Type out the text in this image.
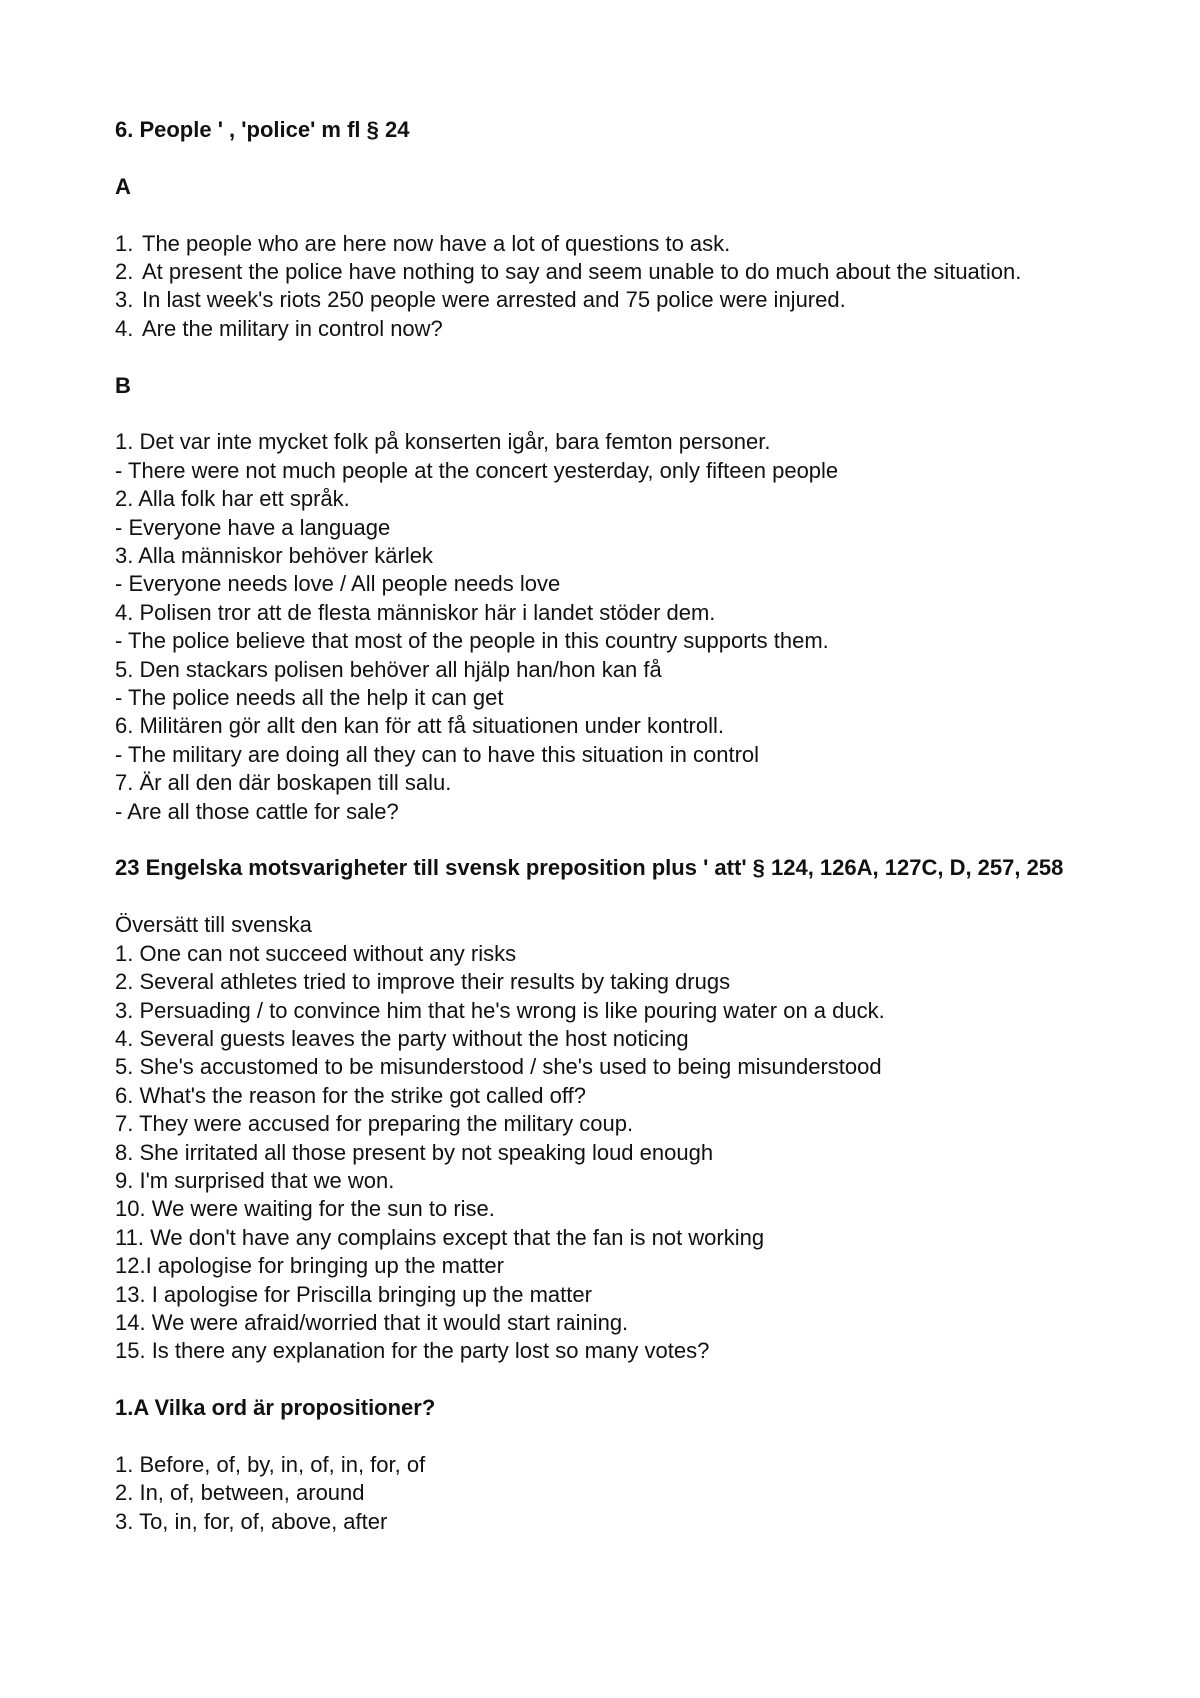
6. People ' , 'police' m fl § 24

A

1. The people who are here now have a lot of questions to ask.
2. At present the police have nothing to say and seem unable to do much about the situation.
3. In last week's riots 250 people were arrested and 75 police were injured.
4. Are the military in control now?

B

1. Det var inte mycket folk på konserten igår, bara femton personer.

- There were not much people at the concert yesterday, only fifteen people

2. Alla folk har ett språk.

- Everyone have a language

3. Alla människor behöver kärlek

- Everyone needs love / All people needs love

4. Polisen tror att de flesta människor här i landet stöder dem.

- The police believe that most of the people in this country supports them.

5. Den stackars polisen behöver all hjälp han/hon kan få

- The police needs all the help it can get

6. Militären gör allt den kan för att få situationen under kontroll.

- The military are doing all they can to have this situation in control

7. Är all den där boskapen till salu.

- Are all those cattle for sale?

23 Engelska motsvarigheter till svensk preposition plus ' att' § 124, 126A, 127C, D, 257, 258

Översätt till svenska

1. One can not succeed without any risks

2. Several athletes tried to improve their results by taking drugs

3. Persuading / to convince him that he's wrong is like pouring water on a duck.

4. Several guests leaves the party without the host noticing

5. She's accustomed to be misunderstood / she's used to being misunderstood

6. What's the reason for the strike got called off?

7. They were accused for preparing the military coup.

8. She irritated all those present by not speaking loud enough

9. I'm surprised that we won.

10. We were waiting for the sun to rise.

11. We don't have any complains except that the fan is not working

12.I apologise for bringing up the matter

13. I apologise for Priscilla bringing up the matter

14. We were afraid/worried that it would start raining.

15. Is there any explanation for the party lost so many votes?

1.A Vilka ord är propositioner?

1. Before, of, by, in, of, in, for, of

2. In, of, between, around

3. To, in, for, of, above, after
